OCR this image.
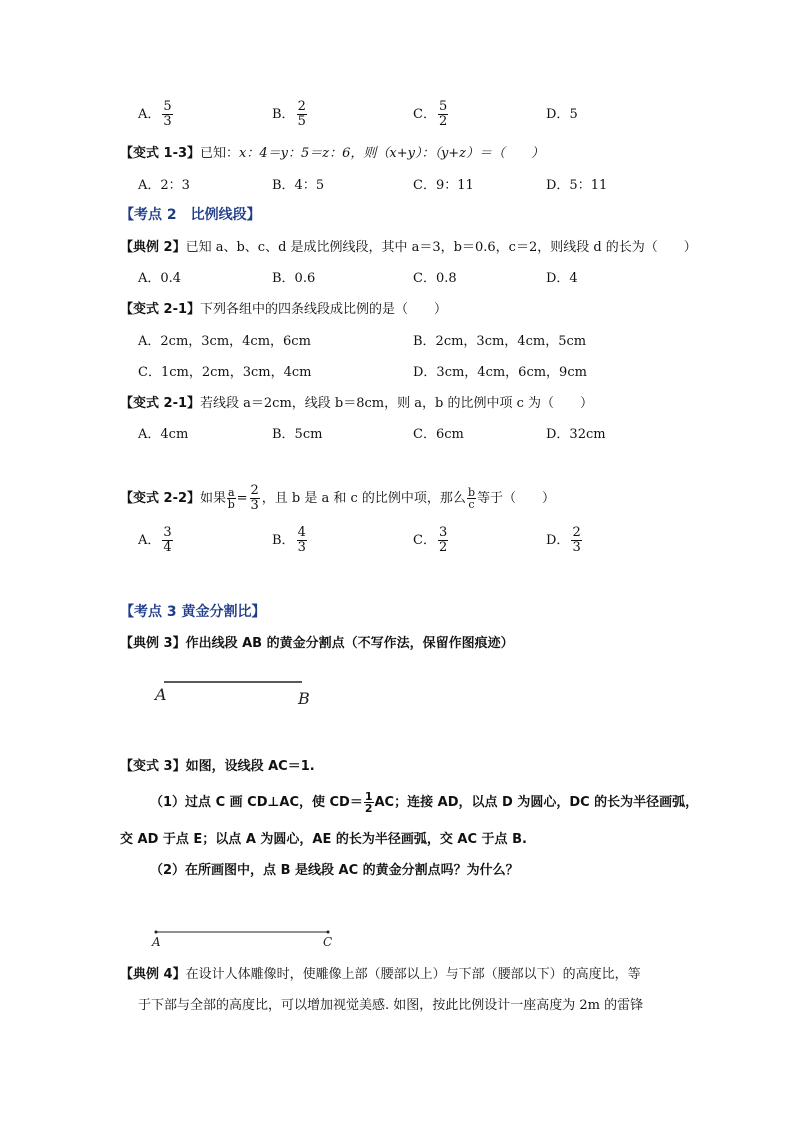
A． $\frac{5}{3}$	B． $\frac{2}{5}$	C． $\frac{5}{2}$	D．5
【变式 1-3】已知：x：4＝y：5＝z：6，则（x+y）：（y+z）＝（　　）
A．2：3	B．4：5	C．9：11	D．5：11
【考点 2　比例线段】
【典例 2】已知 a、b、c、d 是成比例线段，其中 a＝3，b＝0.6，c＝2，则线段 d 的长为（　　）
A．0.4	B．0.6	C．0.8	D．4
【变式 2-1】下列各组中的四条线段成比例的是（　　）
A．2cm，3cm，4cm，6cm	B．2cm，3cm，4cm，5cm
C．1cm，2cm，3cm，4cm	D．3cm，4cm，6cm，9cm
【变式 2-1】若线段 a＝2cm，线段 b＝8cm，则 a，b 的比例中项 c 为（　　）
A．4cm	B．5cm	C．6cm	D．32cm
【变式 2-2】如果 $\frac{a}{b} = \frac{2}{3}$ ，且 b 是 a 和 c 的比例中项，那么 $\frac{b}{c}$ 等于（　　）
A． $\frac{3}{4}$	B． $\frac{4}{3}$	C． $\frac{3}{2}$	D． $\frac{2}{3}$
【考点 3 黄金分割比】
【典例 3】作出线段 AB 的黄金分割点（不写作法，保留作图痕迹）
A	B
【变式 3】如图，设线段 AC＝1.
（1）过点 C 画 CD⊥AC，使 $CD= \frac{1}{2}$ AC；连接 AD，以点 D 为圆心，DC 的长为半径画弧，
交 AD 于点 E；以点 A 为圆心，AE 的长为半径画弧，交 AC 于点 B.
（2）在所画图中，点 B 是线段 AC 的黄金分割点吗？为什么？
A	C
【典例 4】在设计人体雕像时，使雕像上部（腰部以上）与下部（腰部以下）的高度比，等
于下部与全部的高度比，可以增加视觉美感. 如图，按此比例设计一座高度为 2m 的雷锋
